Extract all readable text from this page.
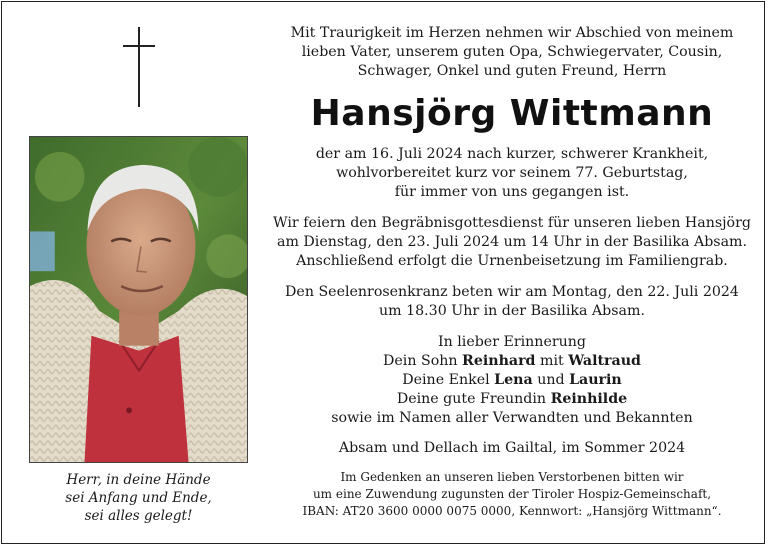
Herr, in deine Hände
sei Anfang und Ende,
sei alles gelegt!

Mit Traurigkeit im Herzen nehmen wir Abschied von meinem
lieben Vater, unserem guten Opa, Schwiegervater, Cousin,
Schwager, Onkel und guten Freund, Herrn

Hansjörg Wittmann

der am 16. Juli 2024 nach kurzer, schwerer Krankheit,
wohlvorbereitet kurz vor seinem 77. Geburtstag,
für immer von uns gegangen ist.

Wir feiern den Begräbnisgottesdienst für unseren lieben Hansjörg
am Dienstag, den 23. Juli 2024 um 14 Uhr in der Basilika Absam.
Anschließend erfolgt die Urnenbeisetzung im Familiengrab.

Den Seelenrosenkranz beten wir am Montag, den 22. Juli 2024
um 18.30 Uhr in der Basilika Absam.

In lieber Erinnerung
Dein Sohn Reinhard mit Waltraud
Deine Enkel Lena und Laurin
Deine gute Freundin Reinhilde
sowie im Namen aller Verwandten und Bekannten

Absam und Dellach im Gailtal, im Sommer 2024

Im Gedenken an unseren lieben Verstorbenen bitten wir
um eine Zuwendung zugunsten der Tiroler Hospiz-Gemeinschaft,
IBAN: AT20 3600 0000 0075 0000, Kennwort: „Hansjörg Wittmann“.
